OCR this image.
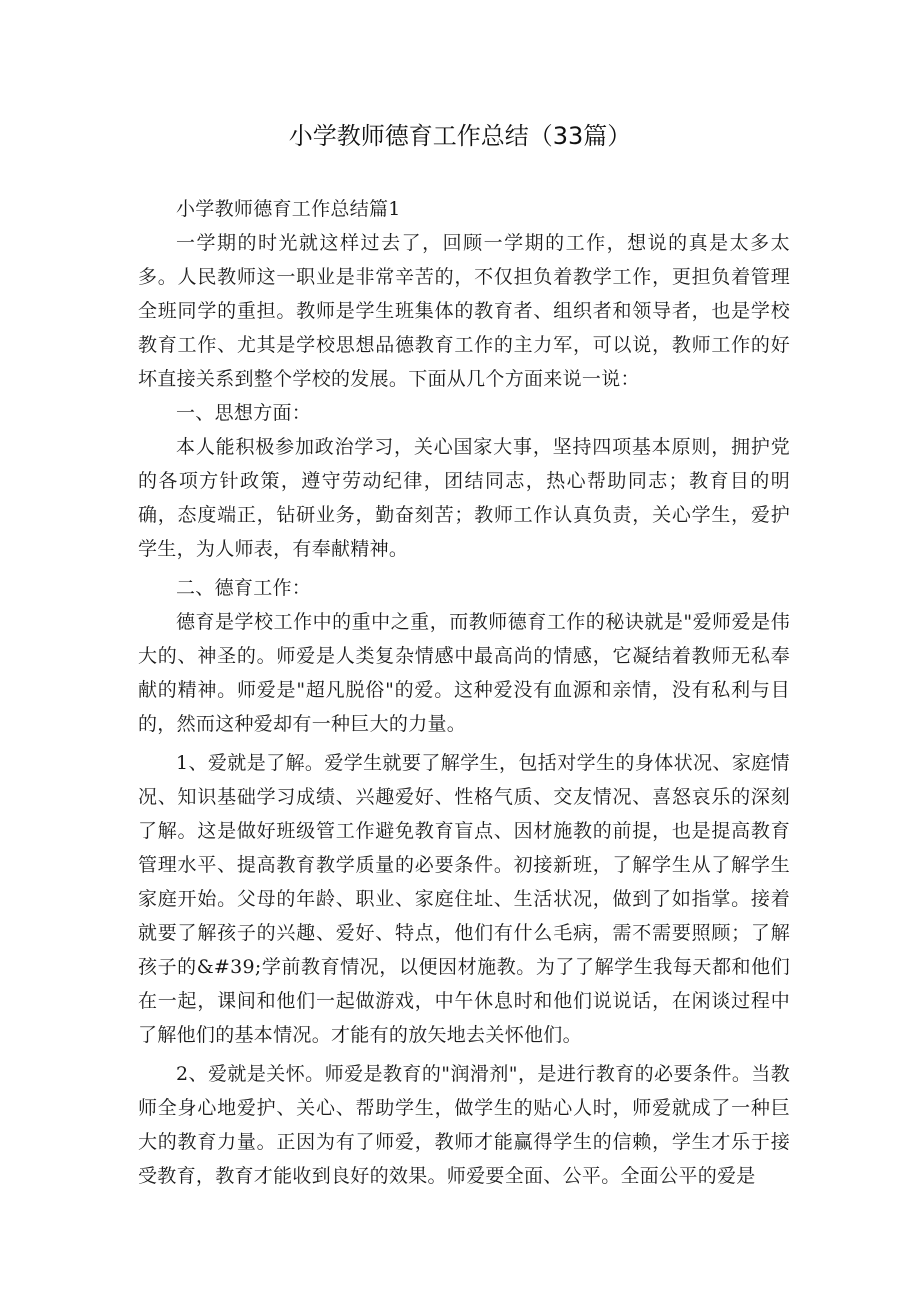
小学教师德育工作总结（33篇）

小学教师德育工作总结篇1

一学期的时光就这样过去了，回顾一学期的工作，想说的真是太多太多。人民教师这一职业是非常辛苦的，不仅担负着教学工作，更担负着管理全班同学的重担。教师是学生班集体的教育者、组织者和领导者，也是学校教育工作、尤其是学校思想品德教育工作的主力军，可以说，教师工作的好坏直接关系到整个学校的发展。下面从几个方面来说一说：

一、思想方面：

本人能积极参加政治学习，关心国家大事，坚持四项基本原则，拥护党的各项方针政策，遵守劳动纪律，团结同志，热心帮助同志；教育目的明确，态度端正，钻研业务，勤奋刻苦；教师工作认真负责，关心学生，爱护学生，为人师表，有奉献精神。

二、德育工作：

德育是学校工作中的重中之重，而教师德育工作的秘诀就是"爱师爱是伟大的、神圣的。师爱是人类复杂情感中最高尚的情感，它凝结着教师无私奉献的精神。师爱是"超凡脱俗"的爱。这种爱没有血源和亲情，没有私利与目的，然而这种爱却有一种巨大的力量。

1、爱就是了解。爱学生就要了解学生，包括对学生的身体状况、家庭情况、知识基础学习成绩、兴趣爱好、性格气质、交友情况、喜怒哀乐的深刻了解。这是做好班级管工作避免教育盲点、因材施教的前提，也是提高教育管理水平、提高教育教学质量的必要条件。初接新班，了解学生从了解学生家庭开始。父母的年龄、职业、家庭住址、生活状况，做到了如指掌。接着就要了解孩子的兴趣、爱好、特点，他们有什么毛病，需不需要照顾；了解孩子的&#39;学前教育情况，以便因材施教。为了了解学生我每天都和他们在一起，课间和他们一起做游戏，中午休息时和他们说说话，在闲谈过程中了解他们的基本情况。才能有的放矢地去关怀他们。

2、爱就是关怀。师爱是教育的"润滑剂"，是进行教育的必要条件。当教师全身心地爱护、关心、帮助学生，做学生的贴心人时，师爱就成了一种巨大的教育力量。正因为有了师爱，教师才能赢得学生的信赖，学生才乐于接受教育，教育才能收到良好的效果。师爱要全面、公平。全面公平的爱是
